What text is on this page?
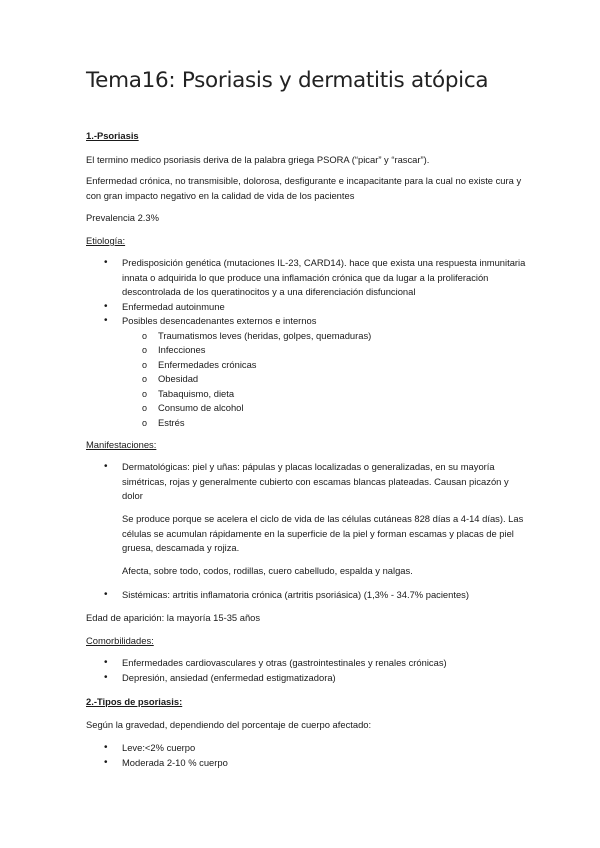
Tema16: Psoriasis y dermatitis atópica
1.-Psoriasis
El termino medico psoriasis deriva de la palabra griega PSORA (“picar” y “rascar”).
Enfermedad crónica, no transmisible, dolorosa, desfigurante e incapacitante para la cual no existe cura y con gran impacto negativo en la calidad de vida de los pacientes
Prevalencia 2.3%
Etiología:
• Predisposición genética (mutaciones IL-23, CARD14). hace que exista una respuesta inmunitaria innata o adquirida lo que produce una inflamación crónica que da lugar a la proliferación descontrolada de los queratinocitos y a una diferenciación disfuncional
• Enfermedad autoinmune
• Posibles desencadenantes externos e internos
o Traumatismos leves (heridas, golpes, quemaduras)
o Infecciones
o Enfermedades crónicas
o Obesidad
o Tabaquismo, dieta
o Consumo de alcohol
o Estrés
Manifestaciones:
• Dermatológicas: piel y uñas: pápulas y placas localizadas o generalizadas, en su mayoría simétricas, rojas y generalmente cubierto con escamas blancas plateadas. Causan picazón y dolor
Se produce porque se acelera el ciclo de vida de las células cutáneas 828 días a 4-14 días). Las células se acumulan rápidamente en la superficie de la piel y forman escamas y placas de piel gruesa, descamada y rojiza.
Afecta, sobre todo, codos, rodillas, cuero cabelludo, espalda y nalgas.
• Sistémicas: artritis inflamatoria crónica (artritis psoriásica) (1,3% - 34.7% pacientes)
Edad de aparición: la mayoría 15-35 años
Comorbilidades:
• Enfermedades cardiovasculares y otras (gastrointestinales y renales crónicas)
• Depresión, ansiedad (enfermedad estigmatizadora)
2.-Tipos de psoriasis:
Según la gravedad, dependiendo del porcentaje de cuerpo afectado:
• Leve:<2% cuerpo
• Moderada 2-10 % cuerpo
